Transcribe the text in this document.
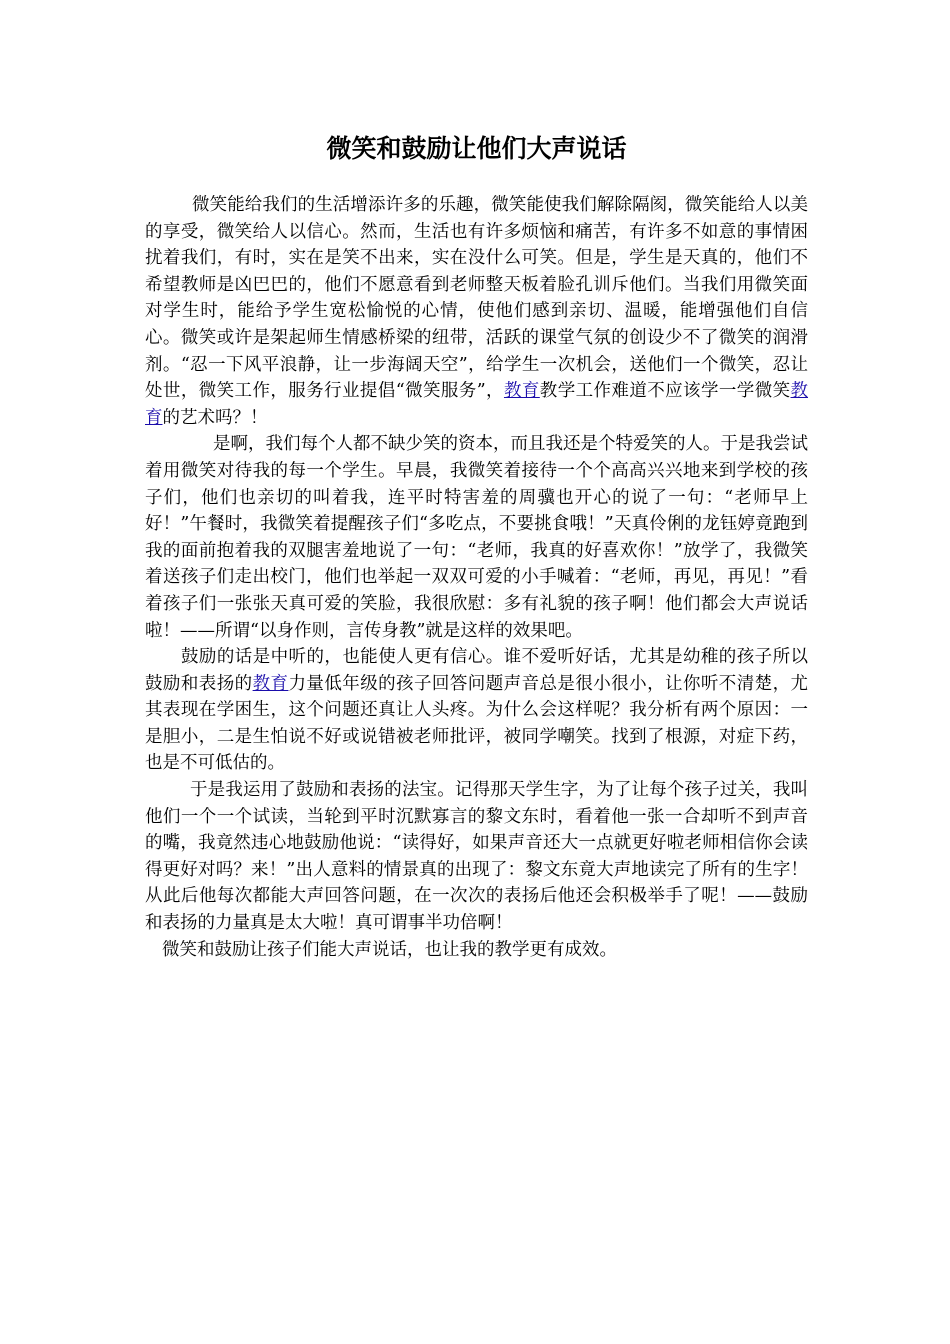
微笑和鼓励让他们大声说话

微笑能给我们的生活增添许多的乐趣，微笑能使我们解除隔阂，微笑能给人以美的享受，微笑给人以信心。然而，生活也有许多烦恼和痛苦，有许多不如意的事情困扰着我们，有时，实在是笑不出来，实在没什么可笑。但是，学生是天真的，他们不希望教师是凶巴巴的，他们不愿意看到老师整天板着脸孔训斥他们。当我们用微笑面对学生时，能给予学生宽松愉悦的心情，使他们感到亲切、温暖，能增强他们自信心。微笑或许是架起师生情感桥梁的纽带，活跃的课堂气氛的创设少不了微笑的润滑剂。“忍一下风平浪静，让一步海阔天空”，给学生一次机会，送他们一个微笑，忍让处世，微笑工作，服务行业提倡“微笑服务”，教育教学工作难道不应该学一学微笑教育的艺术吗？！

是啊，我们每个人都不缺少笑的资本，而且我还是个特爱笑的人。于是我尝试着用微笑对待我的每一个学生。早晨，我微笑着接待一个个高高兴兴地来到学校的孩子们，他们也亲切的叫着我，连平时特害羞的周骥也开心的说了一句：“老师早上好！”午餐时，我微笑着提醒孩子们“多吃点，不要挑食哦！”天真伶俐的龙钰婷竟跑到我的面前抱着我的双腿害羞地说了一句：“老师，我真的好喜欢你！”放学了，我微笑着送孩子们走出校门，他们也举起一双双可爱的小手喊着：“老师，再见，再见！”看着孩子们一张张天真可爱的笑脸，我很欣慰：多有礼貌的孩子啊！他们都会大声说话啦！——所谓“以身作则，言传身教”就是这样的效果吧。

鼓励的话是中听的，也能使人更有信心。谁不爱听好话，尤其是幼稚的孩子所以鼓励和表扬的教育力量低年级的孩子回答问题声音总是很小很小，让你听不清楚，尤其表现在学困生，这个问题还真让人头疼。为什么会这样呢？我分析有两个原因：一是胆小，二是生怕说不好或说错被老师批评，被同学嘲笑。找到了根源，对症下药，也是不可低估的。

于是我运用了鼓励和表扬的法宝。记得那天学生字，为了让每个孩子过关，我叫他们一个一个试读，当轮到平时沉默寡言的黎文东时，看着他一张一合却听不到声音的嘴，我竟然违心地鼓励他说：“读得好，如果声音还大一点就更好啦老师相信你会读得更好对吗？来！”出人意料的情景真的出现了：黎文东竟大声地读完了所有的生字！从此后他每次都能大声回答问题，在一次次的表扬后他还会积极举手了呢！——鼓励和表扬的力量真是太大啦！真可谓事半功倍啊！

微笑和鼓励让孩子们能大声说话，也让我的教学更有成效。
